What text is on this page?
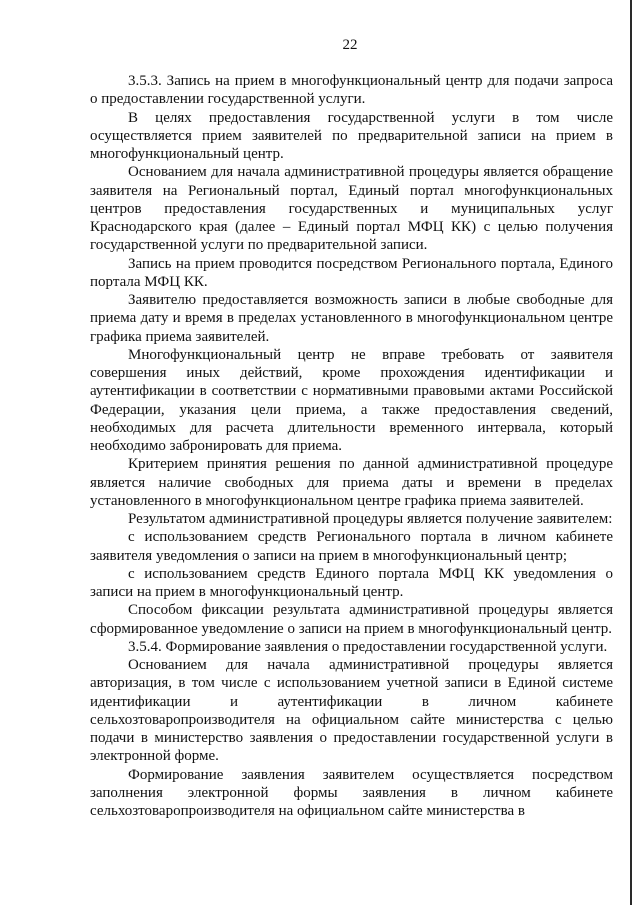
22

3.5.3. Запись на прием в многофункциональный центр для подачи запроса о предоставлении государственной услуги.

В целях предоставления государственной услуги в том числе осуществляется прием заявителей по предварительной записи на прием в многофункциональный центр.

Основанием для начала административной процедуры является обращение заявителя на Региональный портал, Единый портал многофункциональных центров предоставления государственных и муниципальных услуг Краснодарского края (далее – Единый портал МФЦ КК) с целью получения государственной услуги по предварительной записи.

Запись на прием проводится посредством Регионального портала, Единого портала МФЦ КК.

Заявителю предоставляется возможность записи в любые свободные для приема дату и время в пределах установленного в многофункциональном центре графика приема заявителей.

Многофункциональный центр не вправе требовать от заявителя совершения иных действий, кроме прохождения идентификации и аутентификации в соответствии с нормативными правовыми актами Российской Федерации, указания цели приема, а также предоставления сведений, необходимых для расчета длительности временного интервала, который необходимо забронировать для приема.

Критерием принятия решения по данной административной процедуре является наличие свободных для приема даты и времени в пределах установленного в многофункциональном центре графика приема заявителей.

Результатом административной процедуры является получение заявителем:

с использованием средств Регионального портала в личном кабинете заявителя уведомления о записи на прием в многофункциональный центр;

с использованием средств Единого портала МФЦ КК уведомления о записи на прием в многофункциональный центр.

Способом фиксации результата административной процедуры является сформированное уведомление о записи на прием в многофункциональный центр.

3.5.4. Формирование заявления о предоставлении государственной услуги.

Основанием для начала административной процедуры является авторизация, в том числе с использованием учетной записи в Единой системе идентификации и аутентификации в личном кабинете сельхозтоваропроизводителя на официальном сайте министерства с целью подачи в министерство заявления о предоставлении государственной услуги в электронной форме.

Формирование заявления заявителем осуществляется посредством заполнения электронной формы заявления в личном кабинете сельхозтоваропроизводителя на официальном сайте министерства в
